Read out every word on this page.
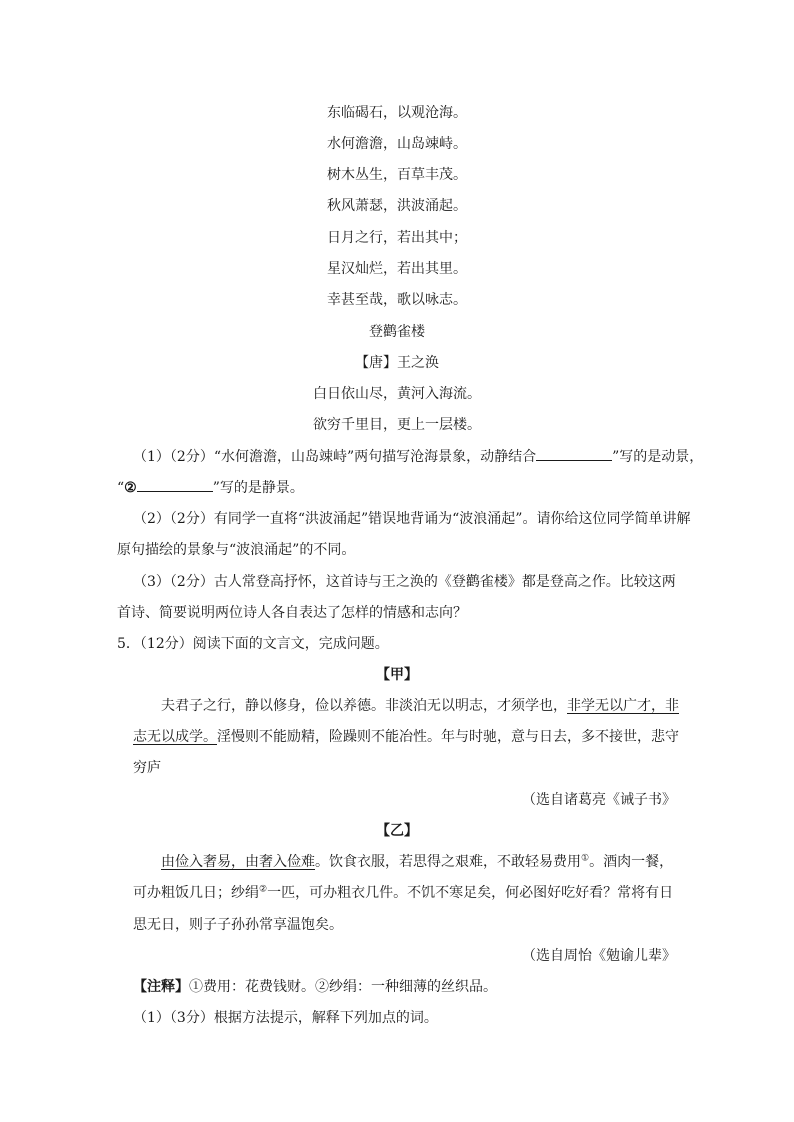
东临碣石，以观沧海。
水何澹澹，山岛竦峙。
树木丛生，百草丰茂。
秋风萧瑟，洪波涌起。
日月之行，若出其中；
星汉灿烂，若出其里。
幸甚至哉，歌以咏志。
登鹳雀楼
【唐】王之涣
白日依山尽，黄河入海流。
欲穷千里目，更上一层楼。
（1）（2分）“水何澹澹，山岛竦峙”两句描写沧海景象，动静结合	”写的是动景，
“②	”写的是静景。
（2）（2分）有同学一直将“洪波涌起”错误地背诵为“波浪涌起”。请你给这位同学简单讲解
原句描绘的景象与“波浪涌起”的不同。
（3）（2分）古人常登高抒怀，这首诗与王之涣的《登鹳雀楼》都是登高之作。比较这两
首诗、简要说明两位诗人各自表达了怎样的情感和志向？
5．（12分）阅读下面的文言文，完成问题。
【甲】
夫君子之行，静以修身，俭以养德。非淡泊无以明志，才须学也，非学无以广才，非
志无以成学。淫慢则不能励精，险躁则不能冶性。年与时驰，意与日去，多不接世，悲守
穷庐
（选自诸葛亮《诫子书》
【乙】
由俭入奢易，由奢入俭难。饮食衣服，若思得之艰难，不敢轻易费用①。酒肉一餐，
可办粗饭几日；纱绢②一匹，可办粗衣几件。不饥不寒足矣，何必图好吃好看？常将有日
思无日，则子子孙孙常享温饱矣。
（选自周怡《勉谕儿辈》
【注释】①费用：花费钱财。②纱绢：一种细薄的丝织品。
（1）（3分）根据方法提示，解释下列加点的词。
